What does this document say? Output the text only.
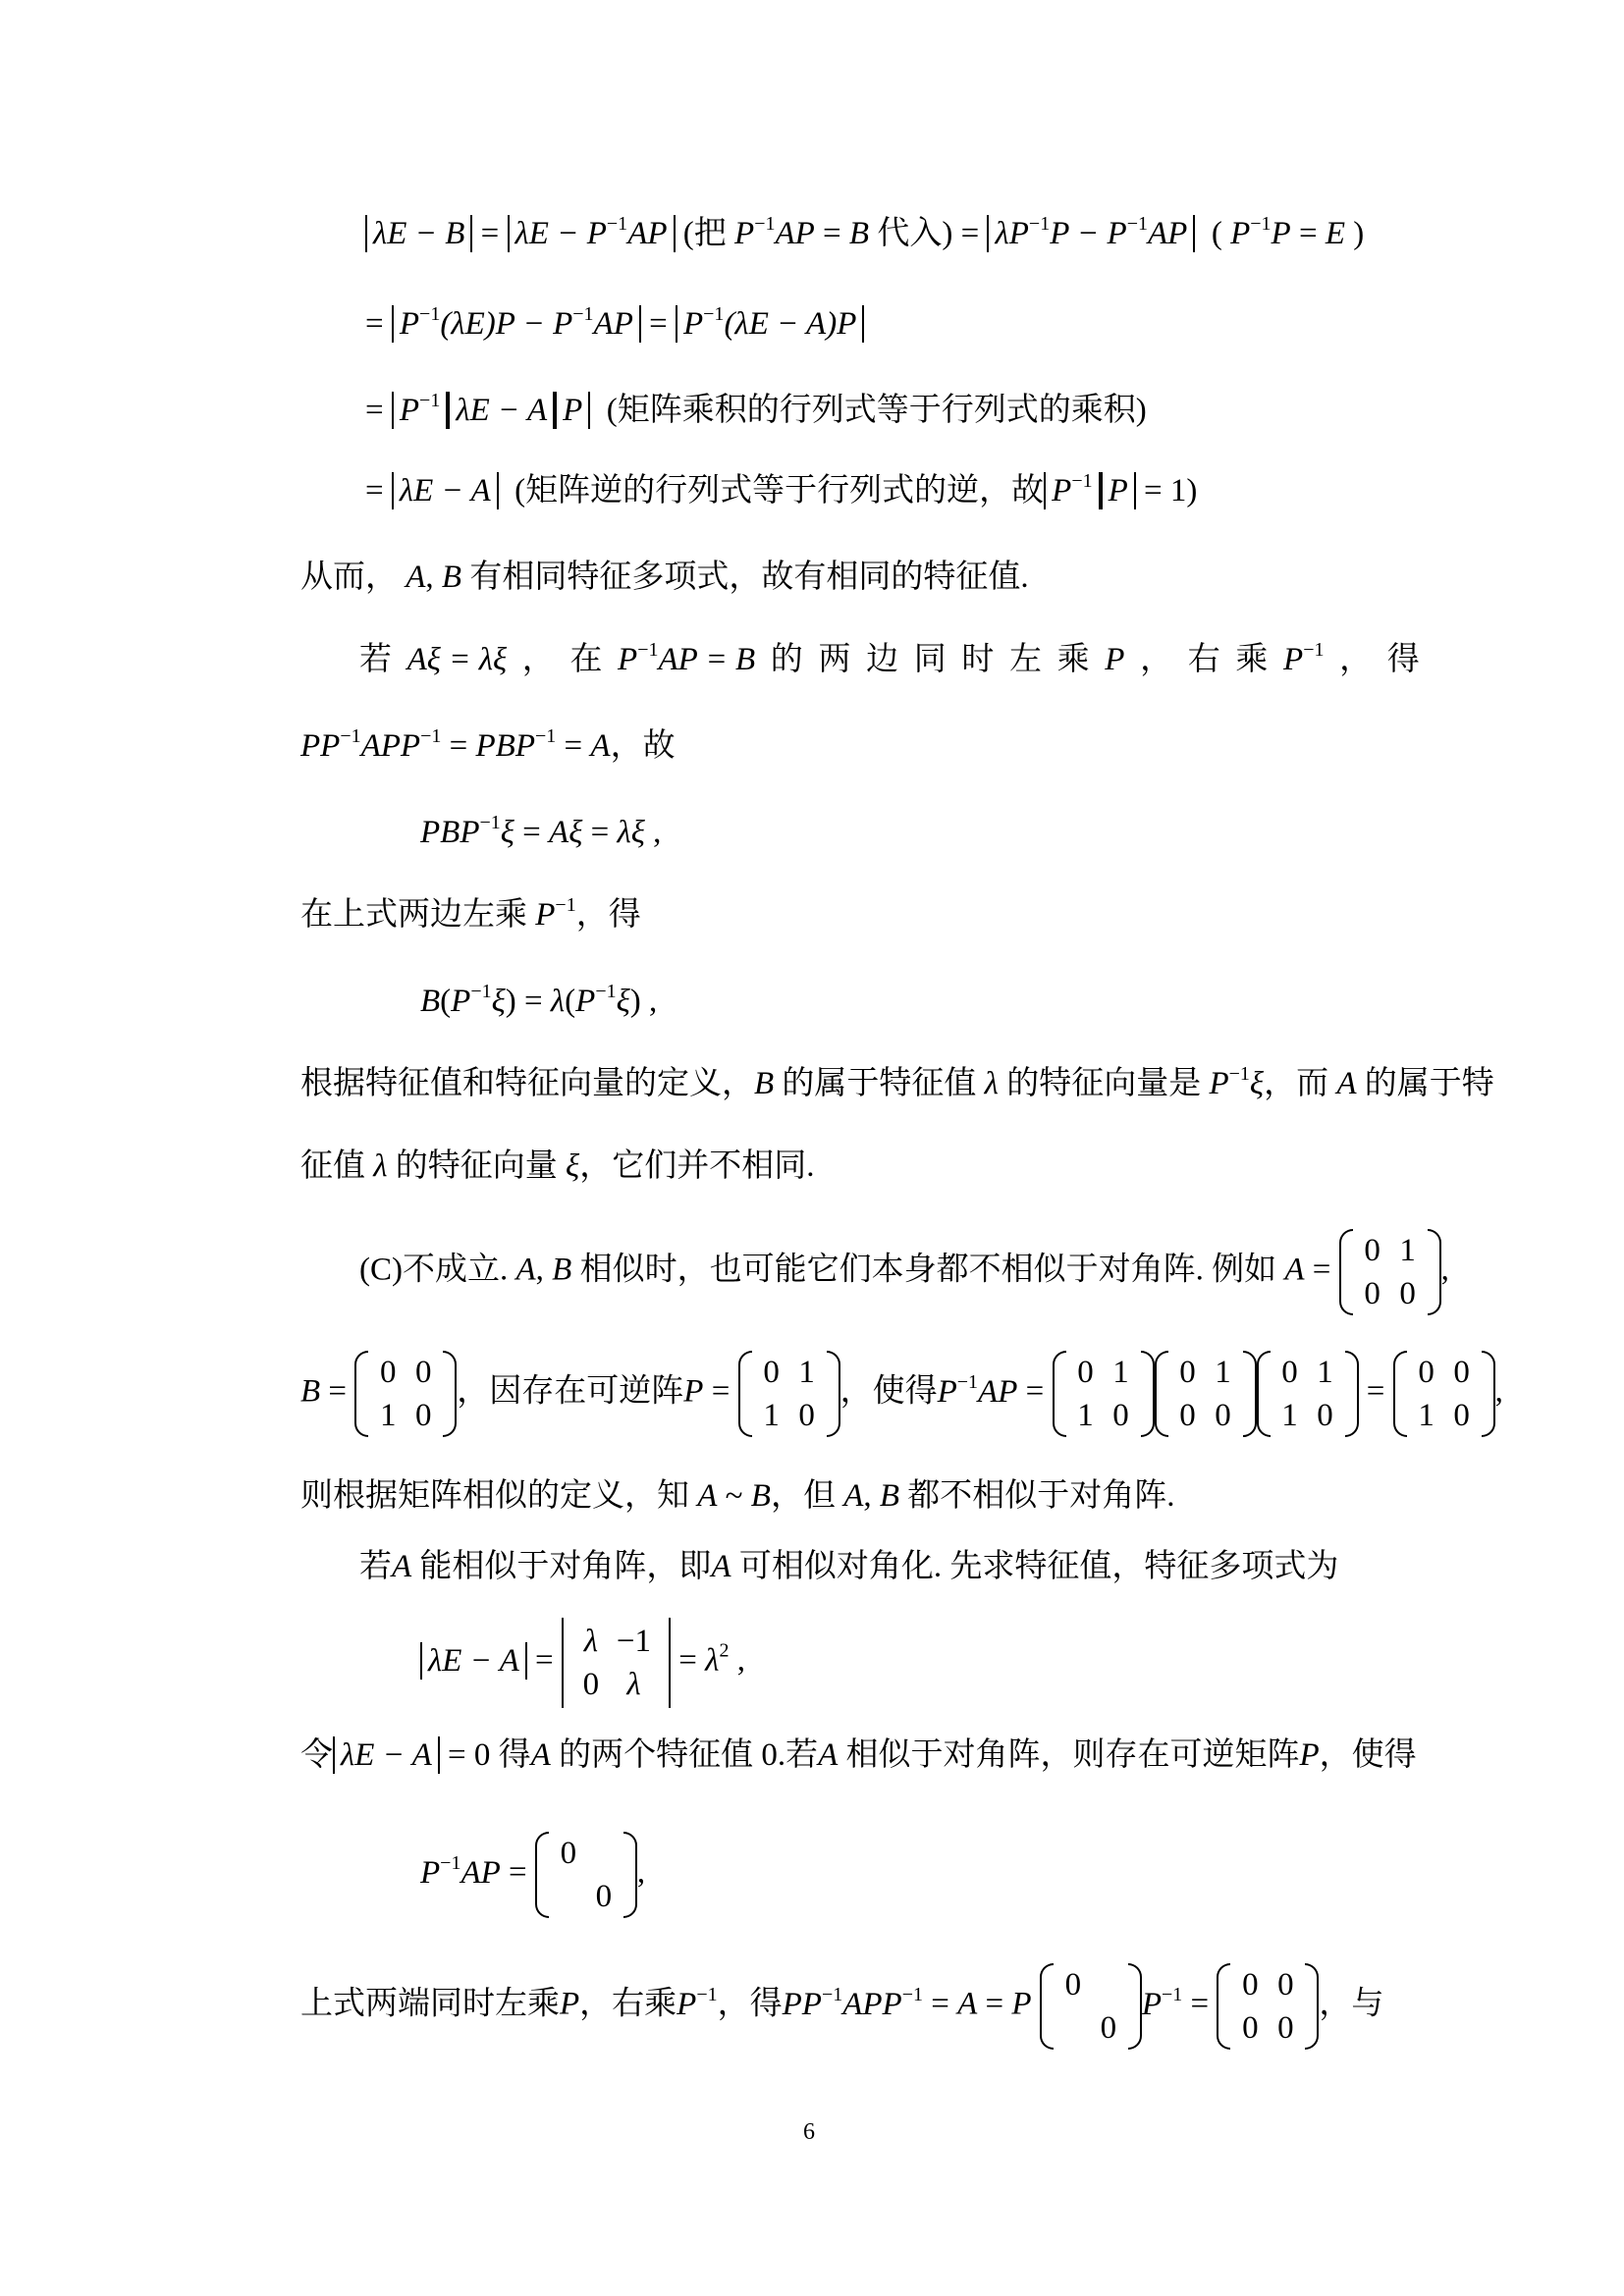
$\lambda E - B = \lambda E - P^{-1}AP$ (把 $P^{-1}AP = B$ 代入) = $\lambda P^{-1}P - P^{-1}AP$  ( $P^{-1}P = E$ )
= $P^{-1}(\lambda E)P - P^{-1}AP = P^{-1}(\lambda E - A)P$
= $P^{-1}$ λE − A P (矩阵乘积的行列式等于行列式的乘积)
= λE − A (矩阵逆的行列式等于行列式的逆，故 $P^{-1}$ P = 1)
从而， A, B 有相同特征多项式，故有相同的特征值.
若 Aξ = λξ ， 在 $P^{-1}AP = B$ 的 两 边 同 时 左 乘 P ， 右 乘 $P^{-1}$ ， 得
$PP^{-1}APP^{-1} = PBP^{-1} = A$，故
$PBP^{-1}\xi = A\xi = \lambda\xi$ ,
在上式两边左乘 $P^{-1}$，得
$B(P^{-1}\xi) = \lambda(P^{-1}\xi)$ ,
根据特征值和特征向量的定义，B 的属于特征值 λ 的特征向量是 $P^{-1}\xi$，而 A 的属于特
征值 λ 的特征向量 ξ，它们并不相同.
(C)不成立. A, B 相似时，也可能它们本身都不相似于对角阵. 例如 A =
0	1
0	0
,
B =
0	0
1	0
，因存在可逆阵P =
0	1
1	0
，使得$P^{-1}AP$ =
0	1
1	0
0	1
0	0
0	1
1	0
=
0	0
1	0
,
则根据矩阵相似的定义，知 A ~ B，但 A, B 都不相似于对角阵.
若A 能相似于对角阵，即A 可相似对角化. 先求特征值，特征多项式为
λE − A =
λ	−1
0	λ
= $\lambda^2$ ,
令 λE − A = 0 得A 的两个特征值 0.若A 相似于对角阵，则存在可逆矩阵P，使得
$P^{-1}AP$ =
0	
	0
,
上式两端同时左乘P，右乘$P^{-1}$，得$PP^{-1}APP^{-1} = A = P$
0	
	0
$P^{-1}$ =
0	0
0	0
，与
6
